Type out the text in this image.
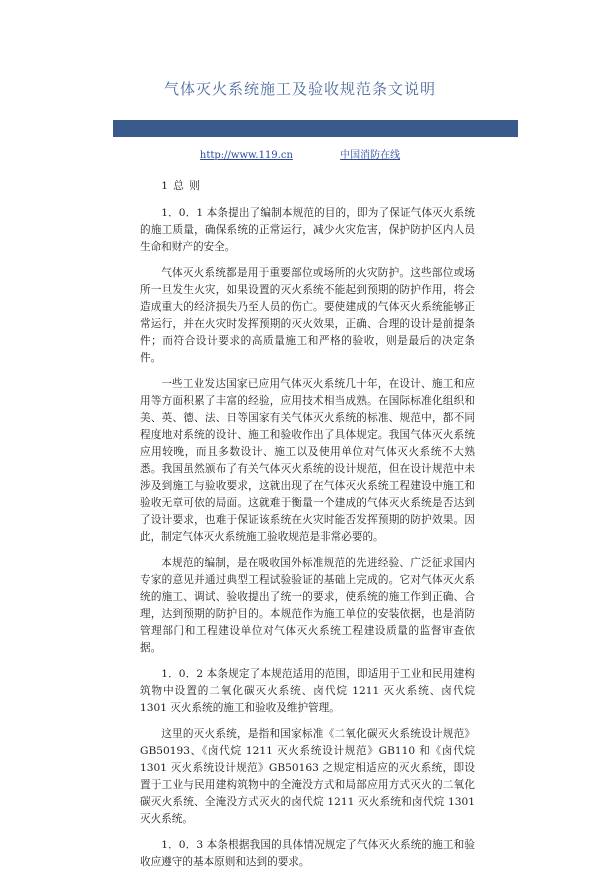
气体灭火系统施工及验收规范条文说明
http://www.119.cn	中国消防在线
1 总 则

1．0．1 本条提出了编制本规范的目的，即为了保证气体灭火系统的施工质量，确保系统的正常运行，减少火灾危害，保护防护区内人员生命和财产的安全。

气体灭火系统都是用于重要部位或场所的火灾防护。这些部位或场所一旦发生火灾，如果设置的灭火系统不能起到预期的防护作用，将会造成重大的经济损失乃至人员的伤亡。要使建成的气体灭火系统能够正常运行，并在火灾时发挥预期的灭火效果，正确、合理的设计是前提条件；而符合设计要求的高质量施工和严格的验收，则是最后的决定条件。

一些工业发达国家已应用气体灭火系统几十年，在设计、施工和应用等方面积累了丰富的经验，应用技术相当成熟。在国际标准化组织和美、英、德、法、日等国家有关气体灭火系统的标准、规范中，都不同程度地对系统的设计、施工和验收作出了具体规定。我国气体灭火系统应用较晚，而且多数设计、施工以及使用单位对气体灭火系统不大熟悉。我国虽然颁布了有关气体灭火系统的设计规范，但在设计规范中未涉及到施工与验收要求，这就出现了在气体灭火系统工程建设中施工和验收无章可依的局面。这就难于衡量一个建成的气体灭火系统是否达到了设计要求，也难于保证该系统在火灾时能否发挥预期的防护效果。因此，制定气体灭火系统施工验收规范是非常必要的。

本规范的编制，是在吸收国外标准规范的先进经验、广泛征求国内专家的意见并通过典型工程试验验证的基础上完成的。它对气体灭火系统的施工、调试、验收提出了统一的要求，使系统的施工作到正确、合理，达到预期的防护目的。本规范作为施工单位的安装依据，也是消防管理部门和工程建设单位对气体灭火系统工程建设质量的监督审查依据。

1．0．2 本条规定了本规范适用的范围，即适用于工业和民用建构筑物中设置的二氧化碳灭火系统、卤代烷 1211 灭火系统、卤代烷 1301 灭火系统的施工和验收及维护管理。

这里的灭火系统，是指和国家标准《二氧化碳灭火系统设计规范》GB50193、《卤代烷 1211 灭火系统设计规范》GB110 和《卤代烷 1301 灭火系统设计规范》GB50163 之规定相适应的灭火系统，即设置于工业与民用建构筑物中的全淹没方式和局部应用方式灭火的二氧化碳灭火系统、全淹没方式灭火的卤代烷 1211 灭火系统和卤代烷 1301 灭火系统。

1．0．3 本条根据我国的具体情况规定了气体灭火系统的施工和验收应遵守的基本原则和达到的要求。
